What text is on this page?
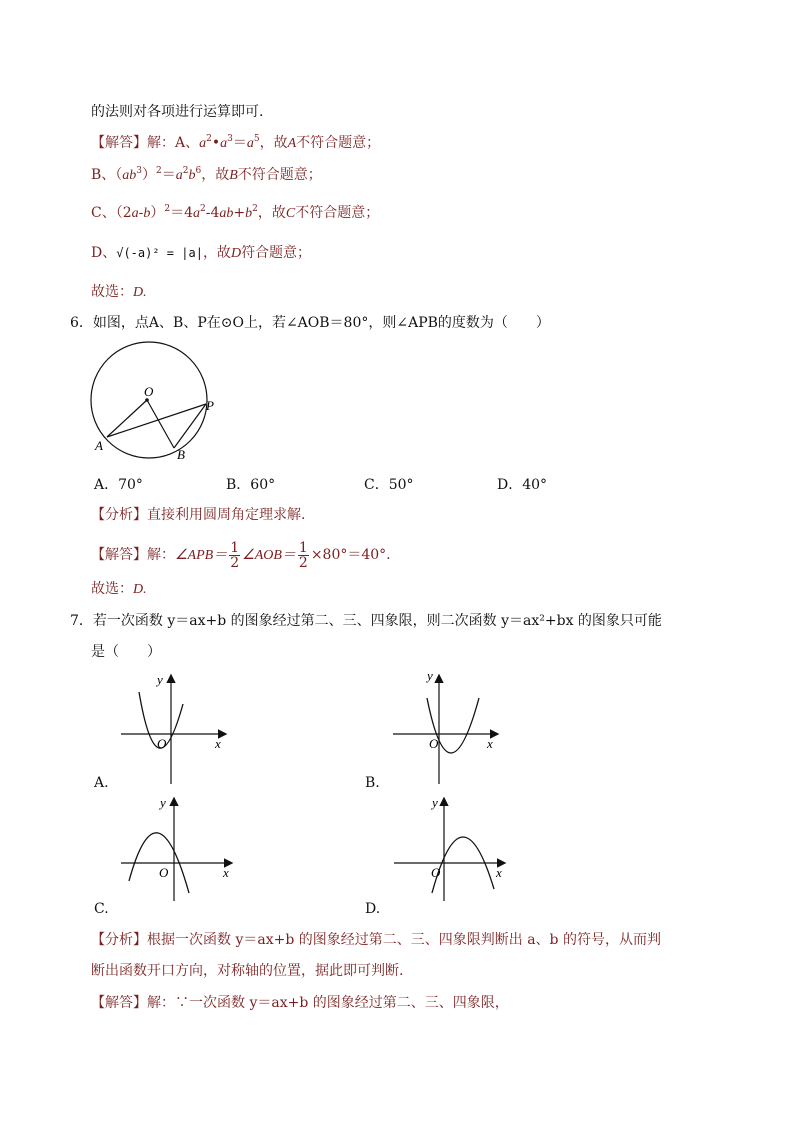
的法则对各项进行运算即可.
【解答】解：A、$a^2•a^3=a^5$，故A不符合题意；
B、$(ab^3)^2=a^2b^6$，故B不符合题意；
C、$(2a-b)^2=4a^2-4ab+b^2$，故C不符合题意；
D、√(-a)² = |a|，故D符合题意；
故选：D.
6．如图，点A、B、P在⊙O上，若∠AOB＝80°，则∠APB的度数为（　　）
O
P
A
B
A．70°	B．60°	C．50°	D．40°
【分析】直接利用圆周角定理求解.
【解答】解：∠APB＝ $\frac{1}{2}$ ∠AOB＝ $\frac{1}{2} \times 80^\circ=40^\circ$.
故选：D.
7．若一次函数 y＝ax+b 的图象经过第二、三、四象限，则二次函数 y＝ax²+bx 的图象只可能
是（　　）
y
x
O
A.
y
x
O
B.
y
x
O
C.
y
x
O
D.
【分析】根据一次函数 y＝ax+b 的图象经过第二、三、四象限判断出 a、b 的符号，从而判
断出函数开口方向，对称轴的位置，据此即可判断.
【解答】解：∵一次函数 y＝ax+b 的图象经过第二、三、四象限，
